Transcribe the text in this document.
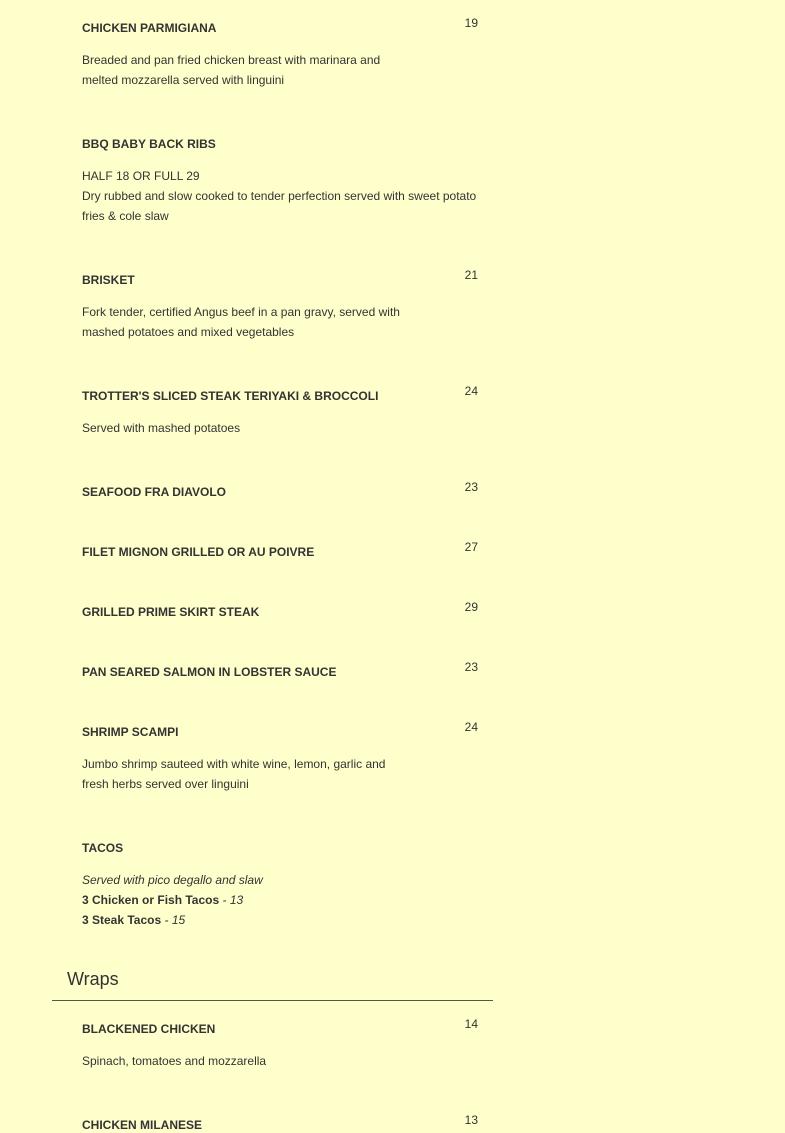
19
CHICKEN PARMIGIANA
Breaded and pan fried chicken breast with marinara and melted mozzarella served with linguini
BBQ BABY BACK RIBS
HALF 18 OR FULL 29
Dry rubbed and slow cooked to tender perfection served with sweet potato fries & cole slaw
21
BRISKET
Fork tender, certified Angus beef in a pan gravy, served with mashed potatoes and mixed vegetables
24
TROTTER'S SLICED STEAK TERIYAKI & BROCCOLI
Served with mashed potatoes
23
SEAFOOD FRA DIAVOLO
27
FILET MIGNON GRILLED OR AU POIVRE
29
GRILLED PRIME SKIRT STEAK
23
PAN SEARED SALMON IN LOBSTER SAUCE
24
SHRIMP SCAMPI
Jumbo shrimp sauteed with white wine, lemon, garlic and fresh herbs served over linguini
TACOS
Served with pico degallo and slaw
3 Chicken or Fish Tacos - 13
3 Steak Tacos - 15
Wraps
14
BLACKENED CHICKEN
Spinach, tomatoes and mozzarella
13
CHICKEN MILANESE
